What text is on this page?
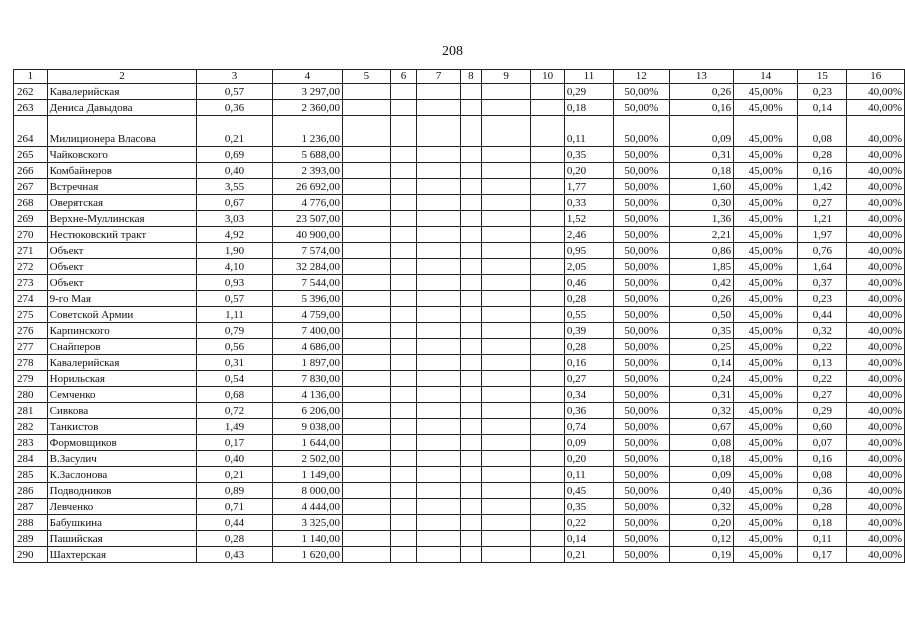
208
1	2	3	4	5	6	7	8	9	10	11	12	13	14	15	16
262	Кавалерийская	0,57	3 297,00							0,29	50,00%	0,26	45,00%	0,23	40,00%
263	Дениса Давыдова	0,36	2 360,00							0,18	50,00%	0,16	45,00%	0,14	40,00%
264	Милиционера Власова	0,21	1 236,00							0,11	50,00%	0,09	45,00%	0,08	40,00%
265	Чайковского	0,69	5 688,00							0,35	50,00%	0,31	45,00%	0,28	40,00%
266	Комбайнеров	0,40	2 393,00							0,20	50,00%	0,18	45,00%	0,16	40,00%
267	Встречная	3,55	26 692,00							1,77	50,00%	1,60	45,00%	1,42	40,00%
268	Оверятская	0,67	4 776,00							0,33	50,00%	0,30	45,00%	0,27	40,00%
269	Верхне-Муллинская	3,03	23 507,00							1,52	50,00%	1,36	45,00%	1,21	40,00%
270	Нестюковский тракт	4,92	40 900,00							2,46	50,00%	2,21	45,00%	1,97	40,00%
271	Объект	1,90	7 574,00							0,95	50,00%	0,86	45,00%	0,76	40,00%
272	Объект	4,10	32 284,00							2,05	50,00%	1,85	45,00%	1,64	40,00%
273	Объект	0,93	7 544,00							0,46	50,00%	0,42	45,00%	0,37	40,00%
274	9-го Мая	0,57	5 396,00							0,28	50,00%	0,26	45,00%	0,23	40,00%
275	Советской Армии	1,11	4 759,00							0,55	50,00%	0,50	45,00%	0,44	40,00%
276	Карпинского	0,79	7 400,00							0,39	50,00%	0,35	45,00%	0,32	40,00%
277	Снайперов	0,56	4 686,00							0,28	50,00%	0,25	45,00%	0,22	40,00%
278	Кавалерийская	0,31	1 897,00							0,16	50,00%	0,14	45,00%	0,13	40,00%
279	Норильская	0,54	7 830,00							0,27	50,00%	0,24	45,00%	0,22	40,00%
280	Семченко	0,68	4 136,00							0,34	50,00%	0,31	45,00%	0,27	40,00%
281	Сивкова	0,72	6 206,00							0,36	50,00%	0,32	45,00%	0,29	40,00%
282	Танкистов	1,49	9 038,00							0,74	50,00%	0,67	45,00%	0,60	40,00%
283	Формовщиков	0,17	1 644,00							0,09	50,00%	0,08	45,00%	0,07	40,00%
284	В.Засулич	0,40	2 502,00							0,20	50,00%	0,18	45,00%	0,16	40,00%
285	К.Заслонова	0,21	1 149,00							0,11	50,00%	0,09	45,00%	0,08	40,00%
286	Подводников	0,89	8 000,00							0,45	50,00%	0,40	45,00%	0,36	40,00%
287	Левченко	0,71	4 444,00							0,35	50,00%	0,32	45,00%	0,28	40,00%
288	Бабушкина	0,44	3 325,00							0,22	50,00%	0,20	45,00%	0,18	40,00%
289	Пашийская	0,28	1 140,00							0,14	50,00%	0,12	45,00%	0,11	40,00%
290	Шахтерская	0,43	1 620,00							0,21	50,00%	0,19	45,00%	0,17	40,00%
